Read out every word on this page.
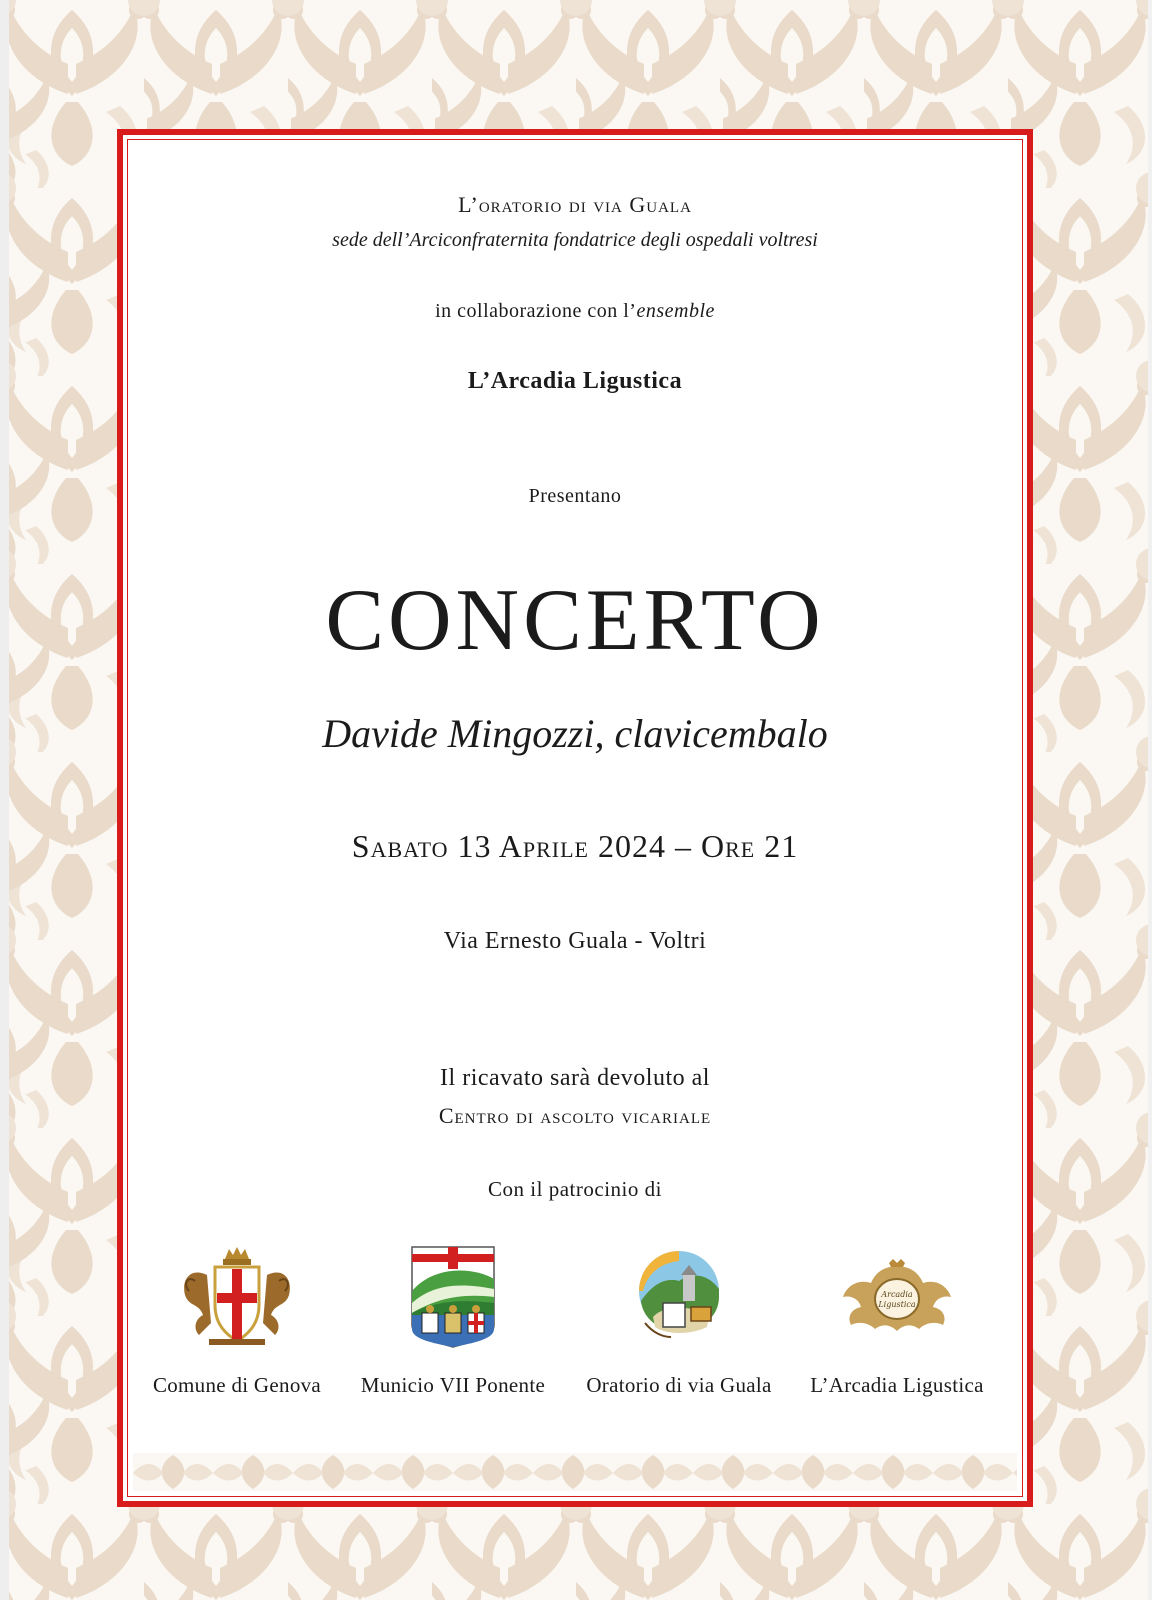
L’oratorio di via Guala
sede dell’Arciconfraternita fondatrice degli ospedali voltresi
in collaborazione con l’ensemble
L’Arcadia Ligustica
Presentano
CONCERTO
Davide Mingozzi, clavicembalo
Sabato 13 Aprile 2024 – Ore 21
Via Ernesto Guala - Voltri
Il ricavato sarà devoluto al
Centro di ascolto vicariale
Con il patrocinio di
Comune di Genova	Municio VII Ponente	Oratorio di via Guala
Arcadia
Ligustica
L’Arcadia Ligustica
